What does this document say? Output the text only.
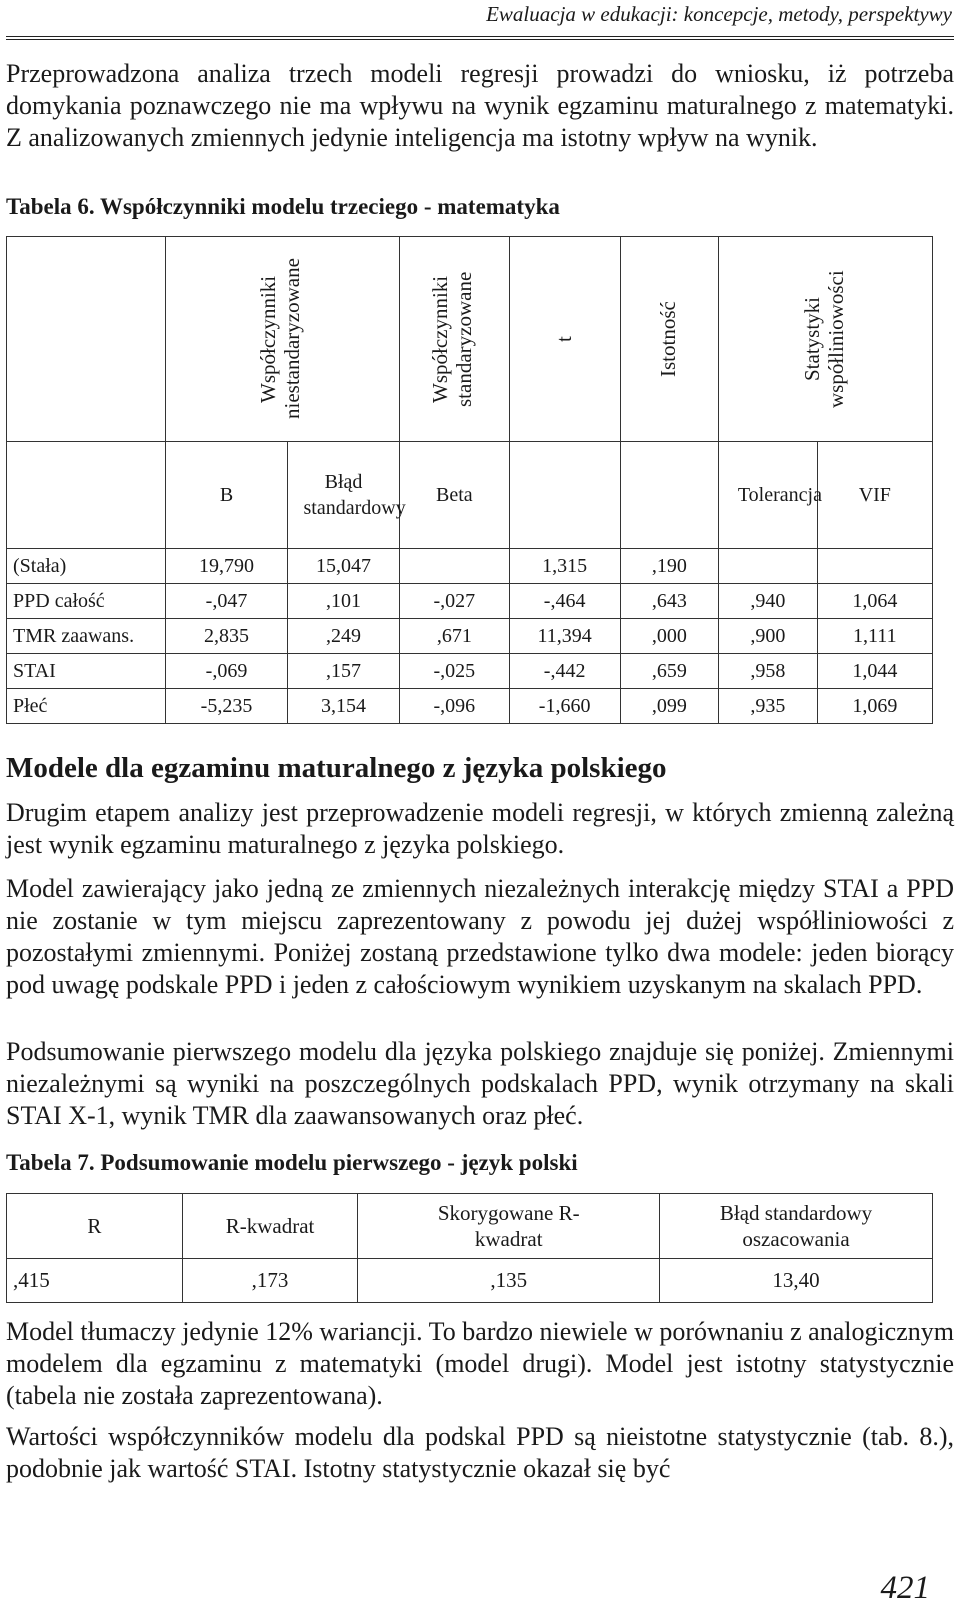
Ewaluacja w edukacji: koncepcje, metody, perspektywy

Przeprowadzona analiza trzech modeli regresji prowadzi do wniosku, iż potrzeba domykania poznawczego nie ma wpływu na wynik egzaminu maturalnego z matematyki. Z analizowanych zmiennych jedynie inteligencja ma istotny wpływ na wynik.

Tabela 6. Współczynniki modelu trzeciego - matematyka

	Współczynniki niestandaryzowane		Współczynniki standaryzowane	t	Istotność	Statystyki współliniowości	

	B	Błąd standardowy	Beta			Tolerancja	VIF
(Stała)	19,790	15,047		1,315	,190		
PPD całość	-,047	,101	-,027	-,464	,643	,940	1,064
TMR zaawans.	2,835	,249	,671	11,394	,000	,900	1,111
STAI	-,069	,157	-,025	-,442	,659	,958	1,044
Płeć	-5,235	3,154	-,096	-1,660	,099	,935	1,069
Modele dla egzaminu maturalnego z języka polskiego

Drugim etapem analizy jest przeprowadzenie modeli regresji, w których zmienną zależną jest wynik egzaminu maturalnego z języka polskiego.

Model zawierający jako jedną ze zmiennych niezależnych interakcję między STAI a PPD nie zostanie w tym miejscu zaprezentowany z powodu jej dużej współliniowości z pozostałymi zmiennymi. Poniżej zostaną przedstawione tylko dwa modele: jeden biorący pod uwagę podskale PPD i jeden z całościowym wynikiem uzyskanym na skalach PPD.

Podsumowanie pierwszego modelu dla języka polskiego znajduje się poniżej. Zmiennymi niezależnymi są wyniki na poszczególnych podskalach PPD, wynik otrzymany na skali STAI X-1, wynik TMR dla zaawansowanych oraz płeć.

Tabela 7. Podsumowanie modelu pierwszego - język polski

R	R-kwadrat	Skorygowane R-kwadrat	Błąd standardowy oszacowania

,415	,173	,135	13,40

Model tłumaczy jedynie 12% wariancji. To bardzo niewiele w porównaniu z analogicznym modelem dla egzaminu z matematyki (model drugi). Model jest istotny statystycznie (tabela nie została zaprezentowana).

Wartości współczynników modelu dla podskal PPD są nieistotne statystycznie (tab. 8.), podobnie jak wartość STAI. Istotny statystycznie okazał się być

421
